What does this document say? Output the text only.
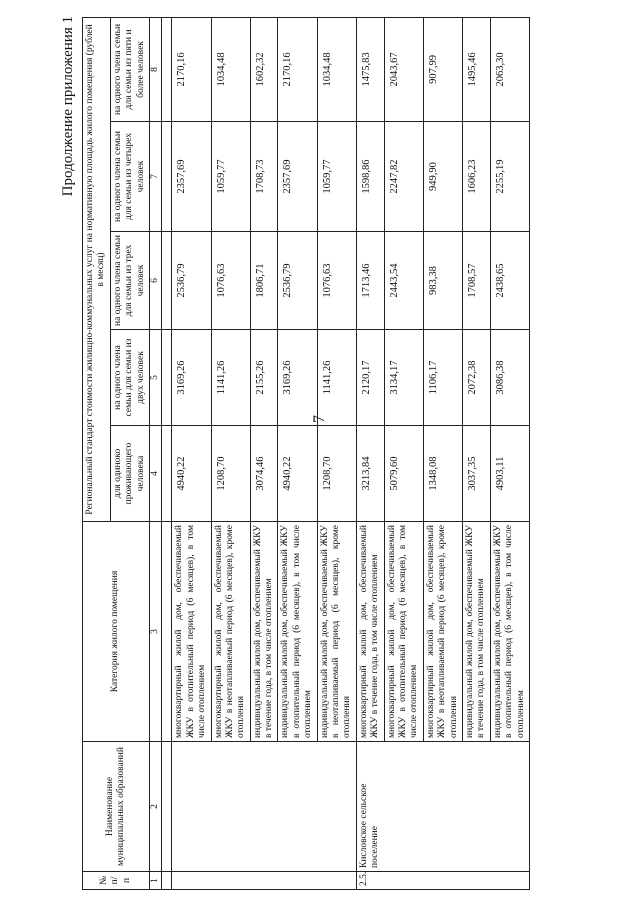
7
Продолжение приложения 1
№ п/п	Наименование муниципальных образований	Категория жилого помещения	Региональный стандарт стоимости жилищно-коммунальных услуг на нормативную площадь жилого помещения (рублей в месяц)				
			для одиноко проживающего человека	на одного члена семьи для семьи из двух человек	на одного члена семьи для семьи из трех человек	на одного члена семьи для семьи из четырех человек	на одного члена семьи для семьи из пяти и более человек
1	2	3	4	5	6	7	8

		многоквартирный жилой дом, обеспечиваемый ЖКУ в отопительный период (6 месяцев), в том числе отоплением	4940,22	3169,26	2536,79	2357,69	2170,16
		многоквартирный жилой дом, обеспечиваемый ЖКУ в неотапливаемый период (6 месяцев), кроме отопления	1208,70	1141,26	1076,63	1059,77	1034,48
		индивидуальный жилой дом, обеспечиваемый ЖКУ в течение года, в том числе отоплением	3074,46	2155,26	1806,71	1708,73	1602,32
		индивидуальный жилой дом, обеспечиваемый ЖКУ в отопительный период (6 месяцев), в том числе отоплением	4940,22	3169,26	2536,79	2357,69	2170,16
		индивидуальный жилой дом, обеспечиваемый ЖКУ в неотапливаемый период (6 месяцев), кроме отопления	1208,70	1141,26	1076,63	1059,77	1034,48
2.5.	Кисловское сельское поселение	многоквартирный жилой дом, обеспечиваемый ЖКУ в течение года, в том числе отоплением	3213,84	2120,17	1713,46	1598,86	1475,83
		многоквартирный жилой дом, обеспечиваемый ЖКУ в отопительный период (6 месяцев), в том числе отоплением	5079,60	3134,17	2443,54	2247,82	2043,67
		многоквартирный жилой дом, обеспечиваемый ЖКУ в неотапливаемый период (6 месяцев), кроме отопления	1348,08	1106,17	983,38	949,90	907,99
		индивидуальный жилой дом, обеспечиваемый ЖКУ в течение года, в том числе отоплением	3037,35	2072,38	1708,57	1606,23	1495,46
		индивидуальный жилой дом, обеспечиваемый ЖКУ в отопительный период (6 месяцев), в том числе отоплением	4903,11	3086,38	2438,65	2255,19	2063,30
